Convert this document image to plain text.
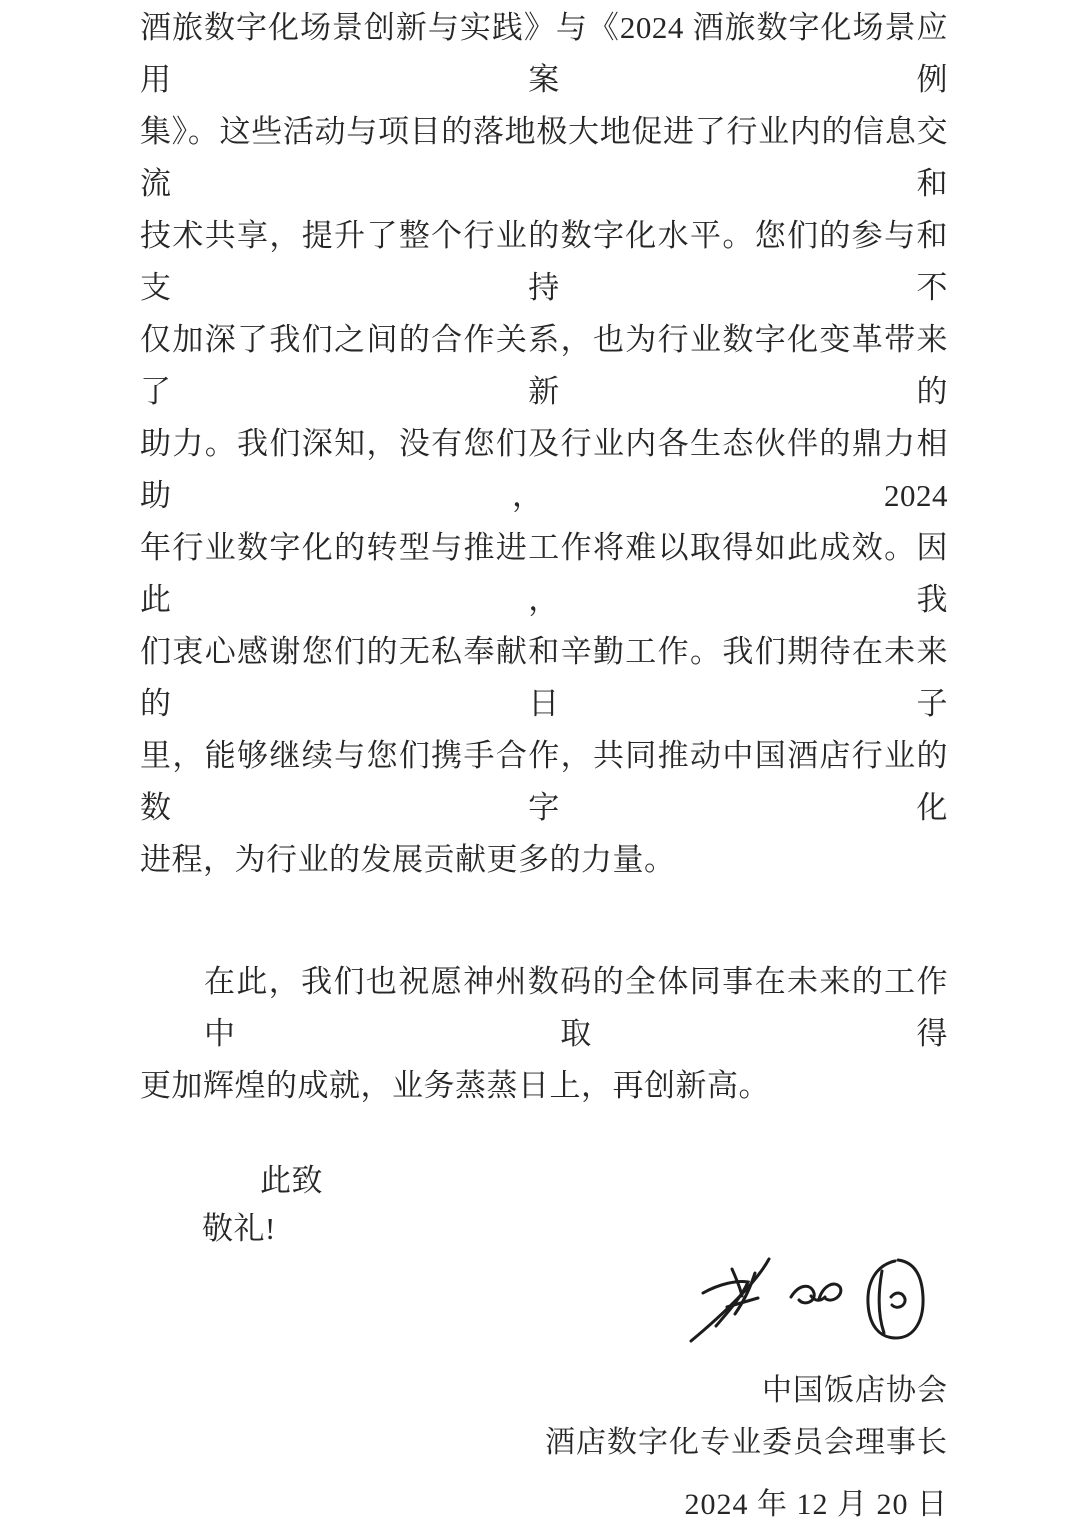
酒旅数字化场景创新与实践》与《2024 酒旅数字化场景应用案例

集》。这些活动与项目的落地极大地促进了行业内的信息交流和

技术共享，提升了整个行业的数字化水平。您们的参与和支持不

仅加深了我们之间的合作关系，也为行业数字化变革带来了新的

助力。我们深知，没有您们及行业内各生态伙伴的鼎力相助，2024

年行业数字化的转型与推进工作将难以取得如此成效。因此，我

们衷心感谢您们的无私奉献和辛勤工作。我们期待在未来的日子

里，能够继续与您们携手合作，共同推动中国酒店行业的数字化

进程，为行业的发展贡献更多的力量。

在此，我们也祝愿神州数码的全体同事在未来的工作中取得

更加辉煌的成就，业务蒸蒸日上，再创新高。

此致

敬礼!

中国饭店协会

酒店数字化专业委员会理事长

2024 年 12 月 20 日
